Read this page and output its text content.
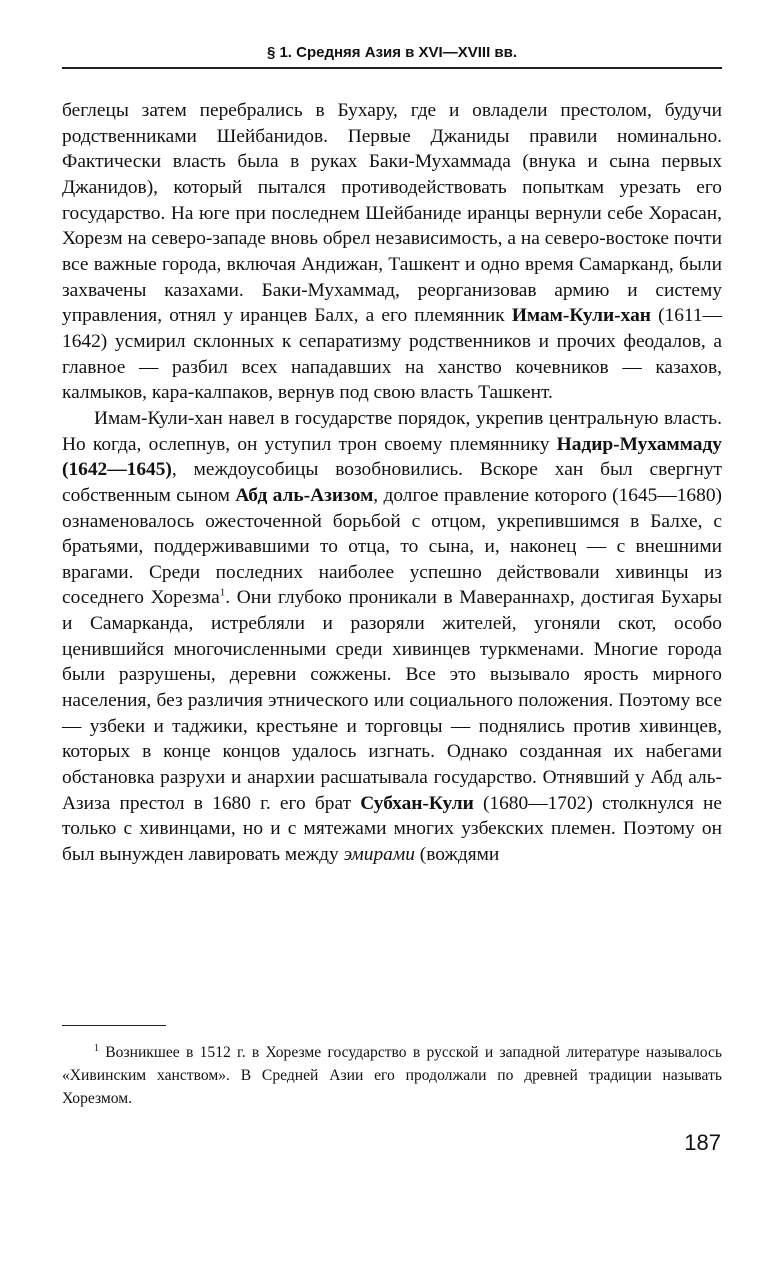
§ 1. Средняя Азия в XVI—XVIII вв.

беглецы затем перебрались в Бухару, где и овладели престолом, будучи родственниками Шейбанидов. Первые Джаниды правили номинально. Фактически власть была в руках Баки-Мухаммада (внука и сына первых Джанидов), который пытался противодействовать попыткам урезать его государство. На юге при последнем Шейбаниде иранцы вернули себе Хорасан, Хорезм на северо-западе вновь обрел независимость, а на северо-востоке почти все важные города, включая Андижан, Ташкент и одно время Самарканд, были захвачены казахами. Баки-Мухаммад, реорганизовав армию и систему управления, отнял у иранцев Балх, а его племянник Имам-Кули-хан (1611—1642) усмирил склонных к сепаратизму родственников и прочих феодалов, а главное — разбил всех нападавших на ханство кочевников — казахов, калмыков, кара-калпаков, вернув под свою власть Ташкент.

Имам-Кули-хан навел в государстве порядок, укрепив центральную власть. Но когда, ослепнув, он уступил трон своему племяннику Надир-Мухаммаду (1642—1645), междоусобицы возобновились. Вскоре хан был свергнут собственным сыном Абд аль-Азизом, долгое правление которого (1645—1680) ознаменовалось ожесточенной борьбой с отцом, укрепившимся в Балхе, с братьями, поддерживавшими то отца, то сына, и, наконец — с внешними врагами. Среди последних наиболее успешно действовали хивинцы из соседнего Хорезма$^1$. Они глубоко проникали в Мавераннахр, достигая Бухары и Самарканда, истребляли и разоряли жителей, угоняли скот, особо ценившийся многочисленными среди хивинцев туркменами. Многие города были разрушены, деревни сожжены. Все это вызывало ярость мирного населения, без различия этнического или социального положения. Поэтому все — узбеки и таджики, крестьяне и торговцы — поднялись против хивинцев, которых в конце концов удалось изгнать. Однако созданная их набегами обстановка разрухи и анархии расшатывала государство. Отнявший у Абд аль-Азиза престол в 1680 г. его брат Субхан-Кули (1680—1702) столкнулся не только с хивинцами, но и с мятежами многих узбекских племен. Поэтому он был вынужден лавировать между эмирами (вождями

$^1$ Возникшее в 1512 г. в Хорезме государство в русской и западной литературе называлось «Хивинским ханством». В Средней Азии его продолжали по древней традиции называть Хорезмом.

187
